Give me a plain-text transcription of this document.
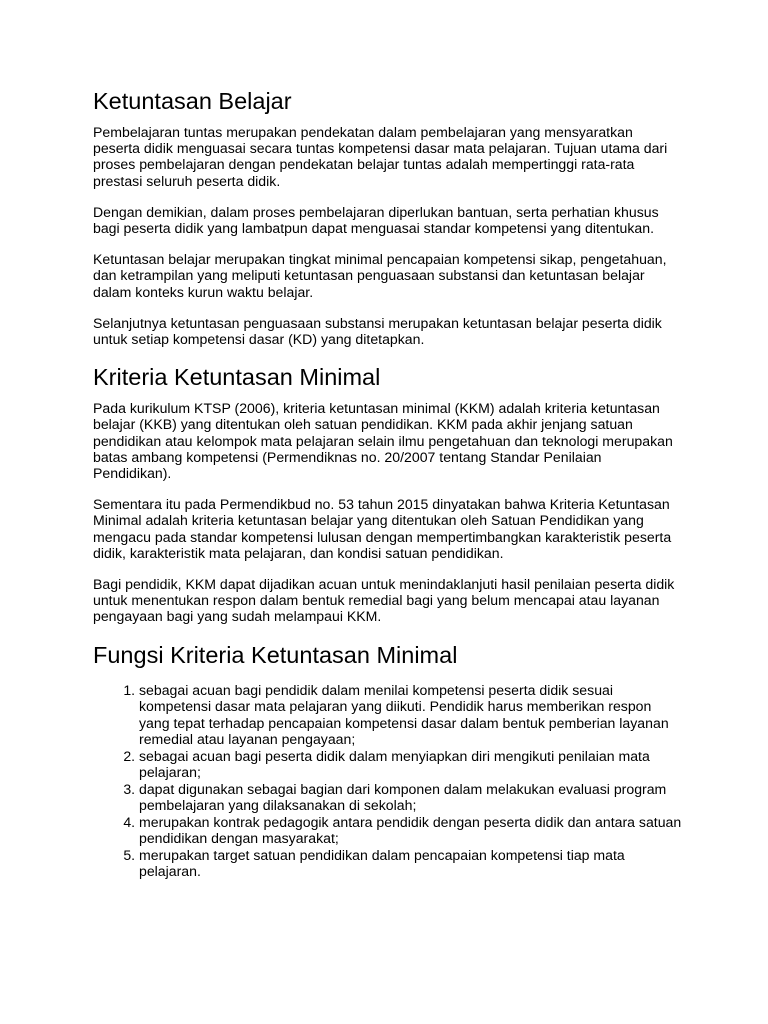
Ketuntasan Belajar

Pembelajaran tuntas merupakan pendekatan dalam pembelajaran yang mensyaratkan peserta didik menguasai secara tuntas kompetensi dasar mata pelajaran. Tujuan utama dari proses pembelajaran dengan pendekatan belajar tuntas adalah mempertinggi rata-rata prestasi seluruh peserta didik.

Dengan demikian, dalam proses pembelajaran diperlukan bantuan, serta perhatian khusus bagi peserta didik yang lambatpun dapat menguasai standar kompetensi yang ditentukan.

Ketuntasan belajar merupakan tingkat minimal pencapaian kompetensi sikap, pengetahuan, dan ketrampilan yang meliputi ketuntasan penguasaan substansi dan ketuntasan belajar dalam konteks kurun waktu belajar.

Selanjutnya ketuntasan penguasaan substansi merupakan ketuntasan belajar peserta didik untuk setiap kompetensi dasar (KD) yang ditetapkan.

Kriteria Ketuntasan Minimal

Pada kurikulum KTSP (2006), kriteria ketuntasan minimal (KKM) adalah kriteria ketuntasan belajar (KKB) yang ditentukan oleh satuan pendidikan. KKM pada akhir jenjang satuan pendidikan atau kelompok mata pelajaran selain ilmu pengetahuan dan teknologi merupakan batas ambang kompetensi (Permendiknas no. 20/2007 tentang Standar Penilaian Pendidikan).

Sementara itu pada Permendikbud no. 53 tahun 2015 dinyatakan bahwa Kriteria Ketuntasan Minimal adalah kriteria ketuntasan belajar yang ditentukan oleh Satuan Pendidikan yang mengacu pada standar kompetensi lulusan dengan mempertimbangkan karakteristik peserta didik, karakteristik mata pelajaran, dan kondisi satuan pendidikan.

Bagi pendidik, KKM dapat dijadikan acuan untuk menindaklanjuti hasil penilaian peserta didik untuk menentukan respon dalam bentuk remedial bagi yang belum mencapai atau layanan pengayaan bagi yang sudah melampaui KKM.

Fungsi Kriteria Ketuntasan Minimal
1. sebagai acuan bagi pendidik dalam menilai kompetensi peserta didik sesuai kompetensi dasar mata pelajaran yang diikuti. Pendidik harus memberikan respon yang tepat terhadap pencapaian kompetensi dasar dalam bentuk pemberian layanan remedial atau layanan pengayaan;
2. sebagai acuan bagi peserta didik dalam menyiapkan diri mengikuti penilaian mata pelajaran;
3. dapat digunakan sebagai bagian dari komponen dalam melakukan evaluasi program pembelajaran yang dilaksanakan di sekolah;
4. merupakan kontrak pedagogik antara pendidik dengan peserta didik dan antara satuan pendidikan dengan masyarakat;
5. merupakan target satuan pendidikan dalam pencapaian kompetensi tiap mata pelajaran.
